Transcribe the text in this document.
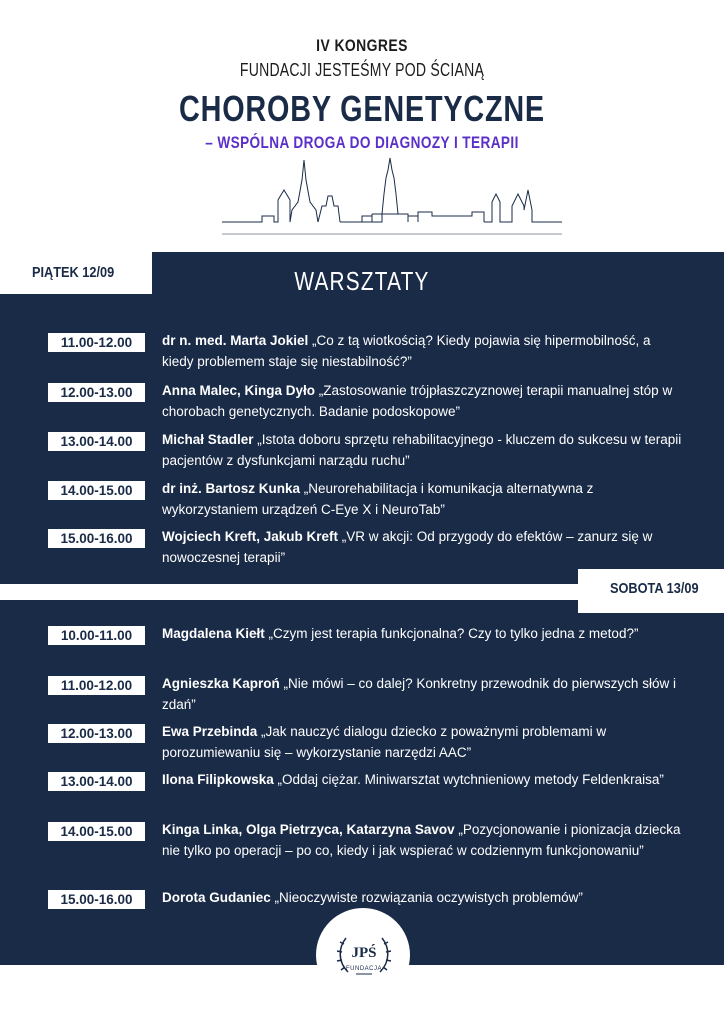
IV KONGRES
FUNDACJI JESTEŚMY POD ŚCIANĄ
CHOROBY GENETYCZNE
– WSPÓLNA DROGA DO DIAGNOZY I TERAPII
PIĄTEK 12/09	WARSZTATY
SOBOTA 13/09
11.00-12.00	dr n. med. Marta Jokiel „Co z tą wiotkością? Kiedy pojawia się hipermobilność, a kiedy problemem staje się niestabilność?”
12.00-13.00	Anna Malec, Kinga Dyło „Zastosowanie trójpłaszczyznowej terapii manualnej stóp w chorobach genetycznych. Badanie podoskopowe”
13.00-14.00	Michał Stadler „Istota doboru sprzętu rehabilitacyjnego - kluczem do sukcesu w terapii pacjentów z dysfunkcjami narządu ruchu”
14.00-15.00	dr inż. Bartosz Kunka „Neurorehabilitacja i komunikacja alternatywna z wykorzystaniem urządzeń C-Eye X i NeuroTab”
15.00-16.00	Wojciech Kreft, Jakub Kreft „VR w akcji: Od przygody do efektów – zanurz się w nowoczesnej terapii”
10.00-11.00	Magdalena Kiełt „Czym jest terapia funkcjonalna? Czy to tylko jedna z metod?”
11.00-12.00	Agnieszka Kaproń „Nie mówi – co dalej? Konkretny przewodnik do pierwszych słów i zdań”
12.00-13.00	Ewa Przebinda „Jak nauczyć dialogu dziecko z poważnymi problemami w porozumiewaniu się – wykorzystanie narzędzi AAC”
13.00-14.00	Ilona Filipkowska „Oddaj ciężar. Miniwarsztat wytchnieniowy metody Feldenkraisa”
14.00-15.00	Kinga Linka, Olga Pietrzyca, Katarzyna Savov „Pozycjonowanie i pionizacja dziecka nie tylko po operacji – po co, kiedy i jak wspierać w codziennym funkcjonowaniu”
15.00-16.00	Dorota Gudaniec „Nieoczywiste rozwiązania oczywistych problemów”
JPŚ
FUNDACJA
